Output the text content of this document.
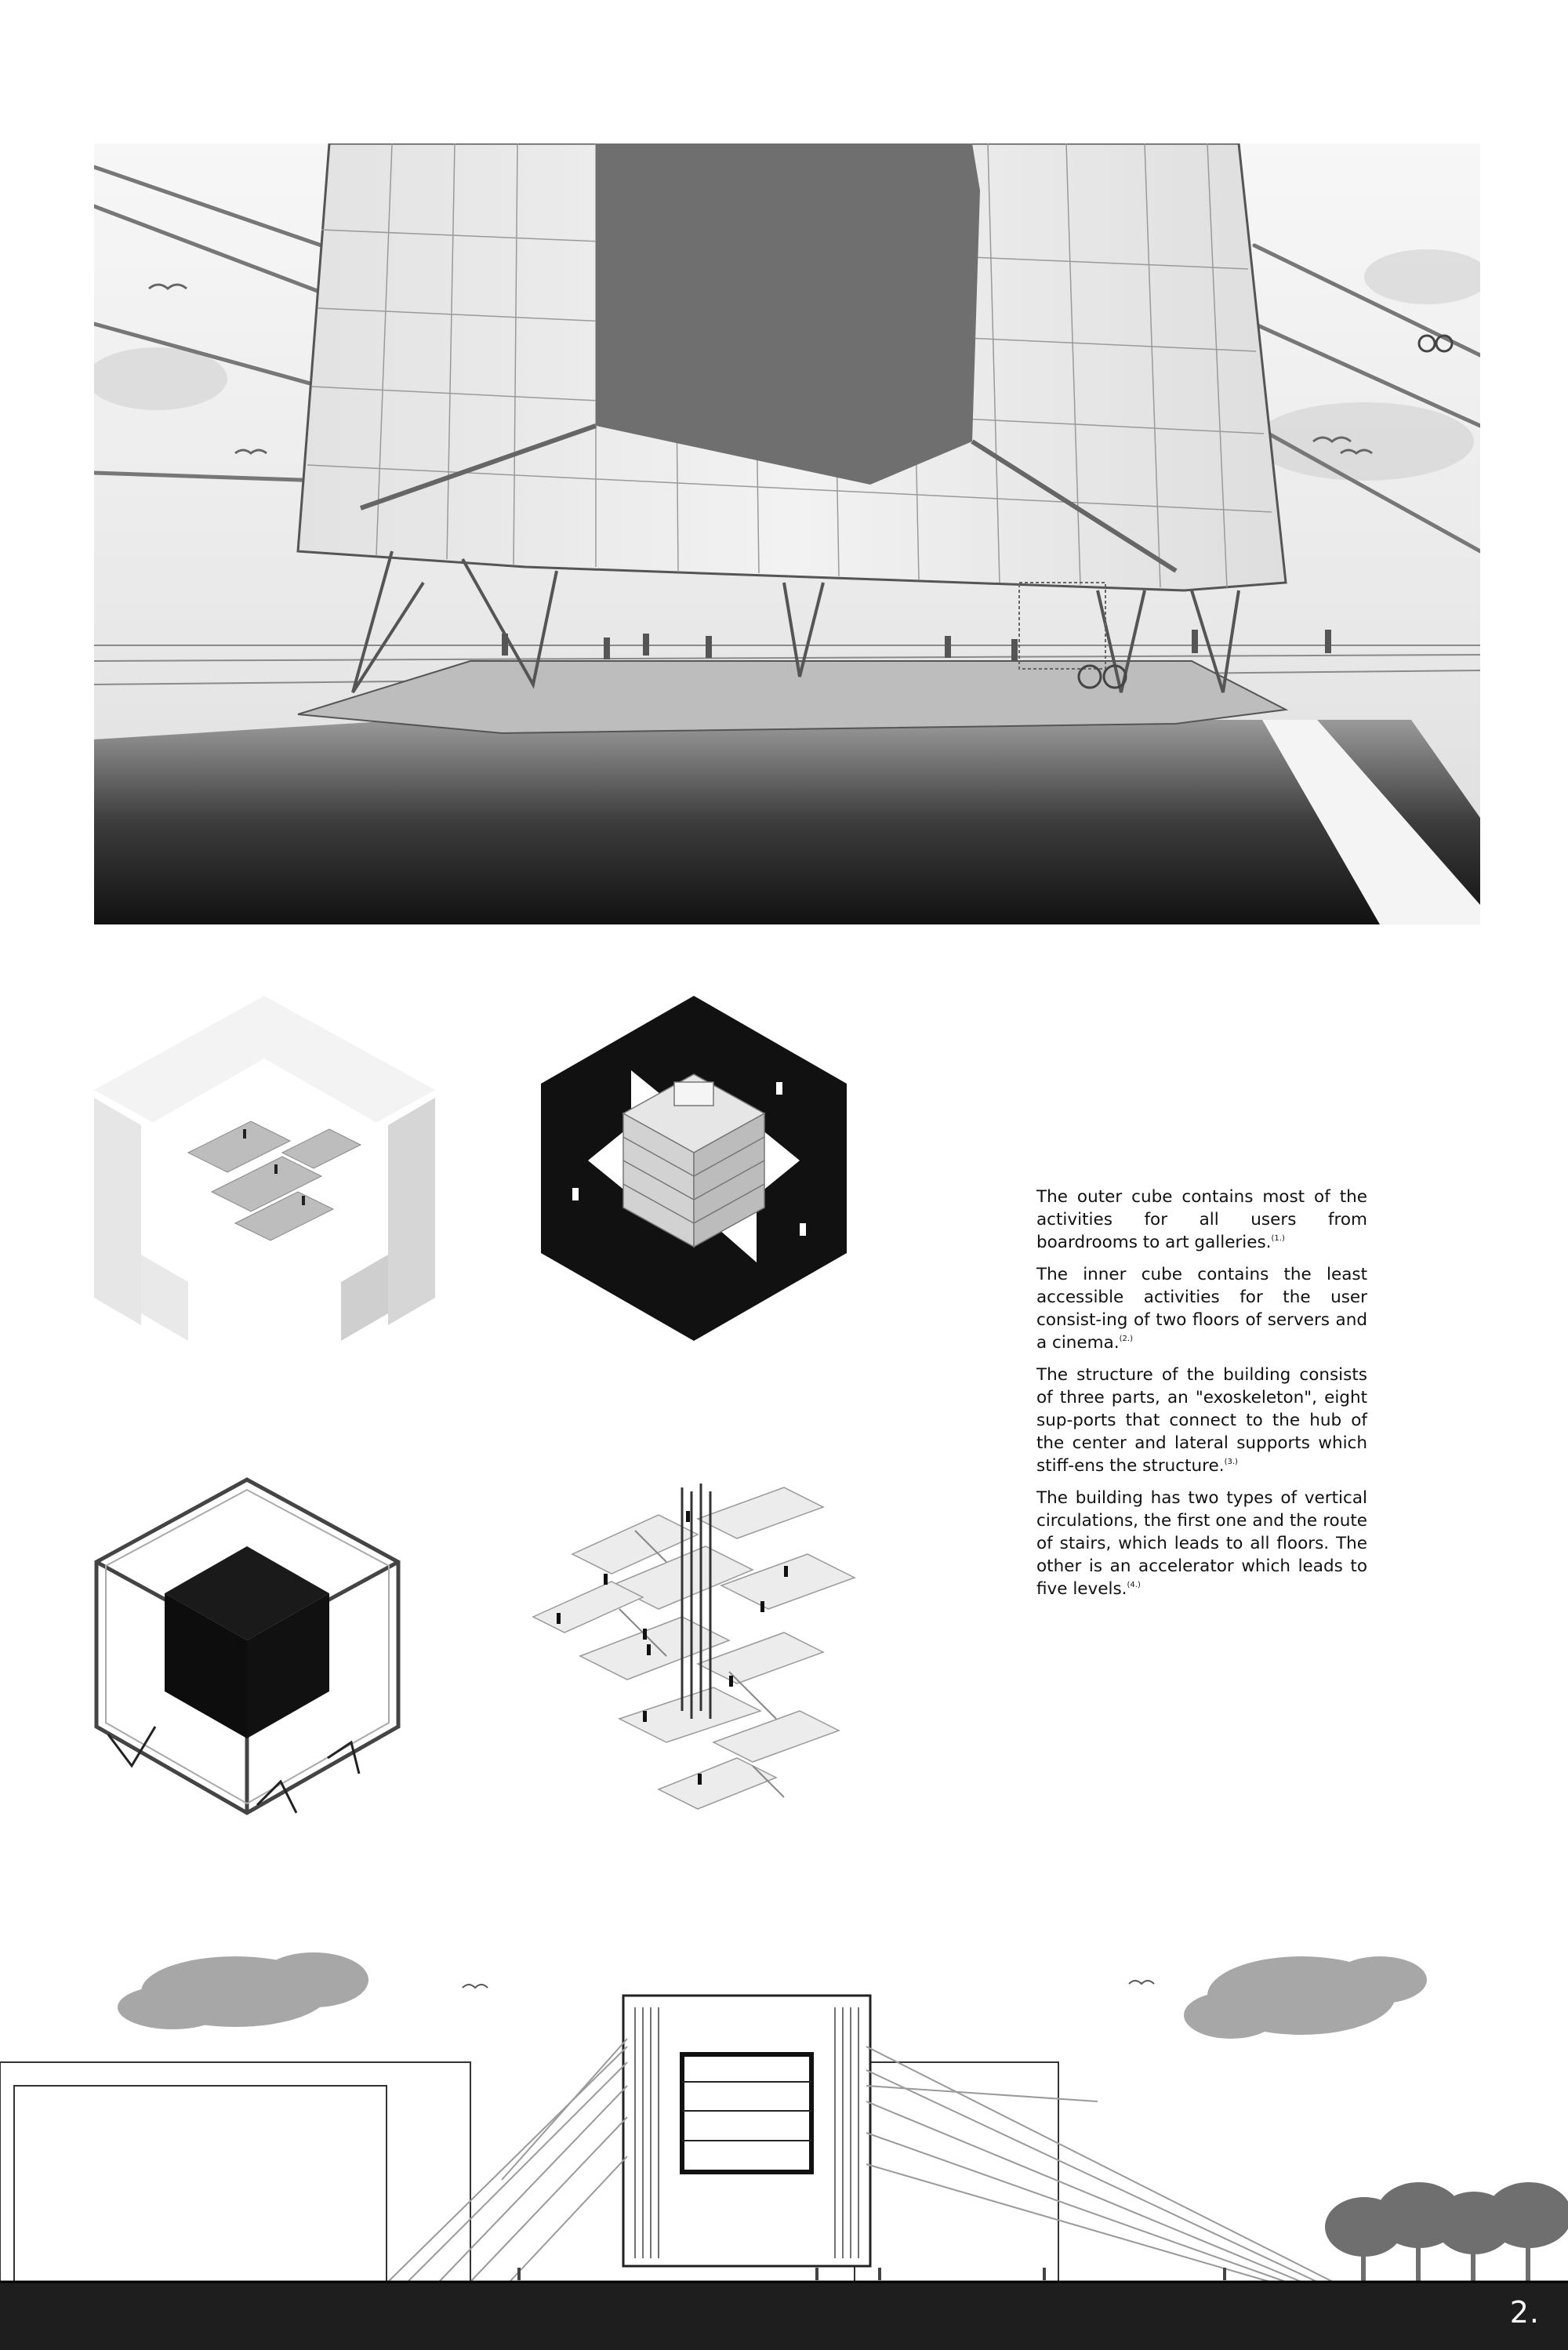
The outer cube contains most of the activities for all users from boardrooms to art galleries.$^{(1.)}$

The inner cube contains the least accessible activities for the user consist-ing of two floors of servers and a cinema.$^{(2.)}$

The structure of the building consists of three parts, an "exoskeleton", eight sup-ports that connect to the hub of the center and lateral supports which stiff-ens the structure.$^{(3.)}$

The building has two types of vertical circulations, the first one and the route of stairs, which leads to all floors. The other is an accelerator which leads to five levels.$^{(4.)}$

2.
